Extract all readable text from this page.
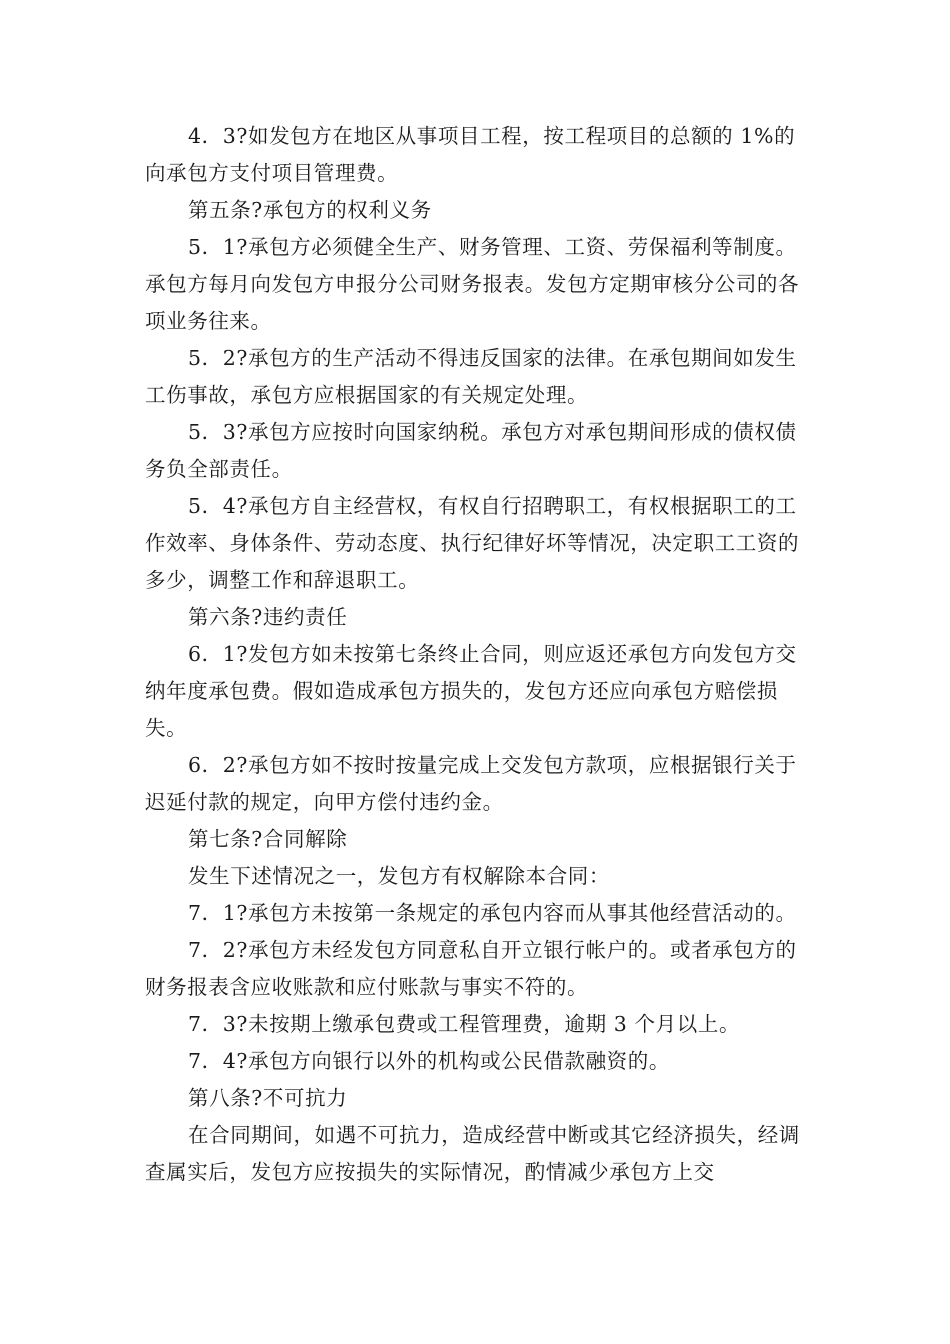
4．3?如发包方在地区从事项目工程，按工程项目的总额的 1%的向承包方支付项目管理费。

第五条?承包方的权利义务

5．1?承包方必须健全生产、财务管理、工资、劳保福利等制度。承包方每月向发包方申报分公司财务报表。发包方定期审核分公司的各项业务往来。

5．2?承包方的生产活动不得违反国家的法律。在承包期间如发生工伤事故，承包方应根据国家的有关规定处理。

5．3?承包方应按时向国家纳税。承包方对承包期间形成的债权债务负全部责任。

5．4?承包方自主经营权，有权自行招聘职工，有权根据职工的工作效率、身体条件、劳动态度、执行纪律好坏等情况，决定职工工资的多少，调整工作和辞退职工。

第六条?违约责任

6．1?发包方如未按第七条终止合同，则应返还承包方向发包方交纳年度承包费。假如造成承包方损失的，发包方还应向承包方赔偿损失。

6．2?承包方如不按时按量完成上交发包方款项，应根据银行关于迟延付款的规定，向甲方偿付违约金。

第七条?合同解除

发生下述情况之一，发包方有权解除本合同：

7．1?承包方未按第一条规定的承包内容而从事其他经营活动的。

7．2?承包方未经发包方同意私自开立银行帐户的。或者承包方的财务报表含应收账款和应付账款与事实不符的。

7．3?未按期上缴承包费或工程管理费，逾期 3 个月以上。

7．4?承包方向银行以外的机构或公民借款融资的。

第八条?不可抗力

在合同期间，如遇不可抗力，造成经营中断或其它经济损失，经调查属实后，发包方应按损失的实际情况，酌情减少承包方上交
